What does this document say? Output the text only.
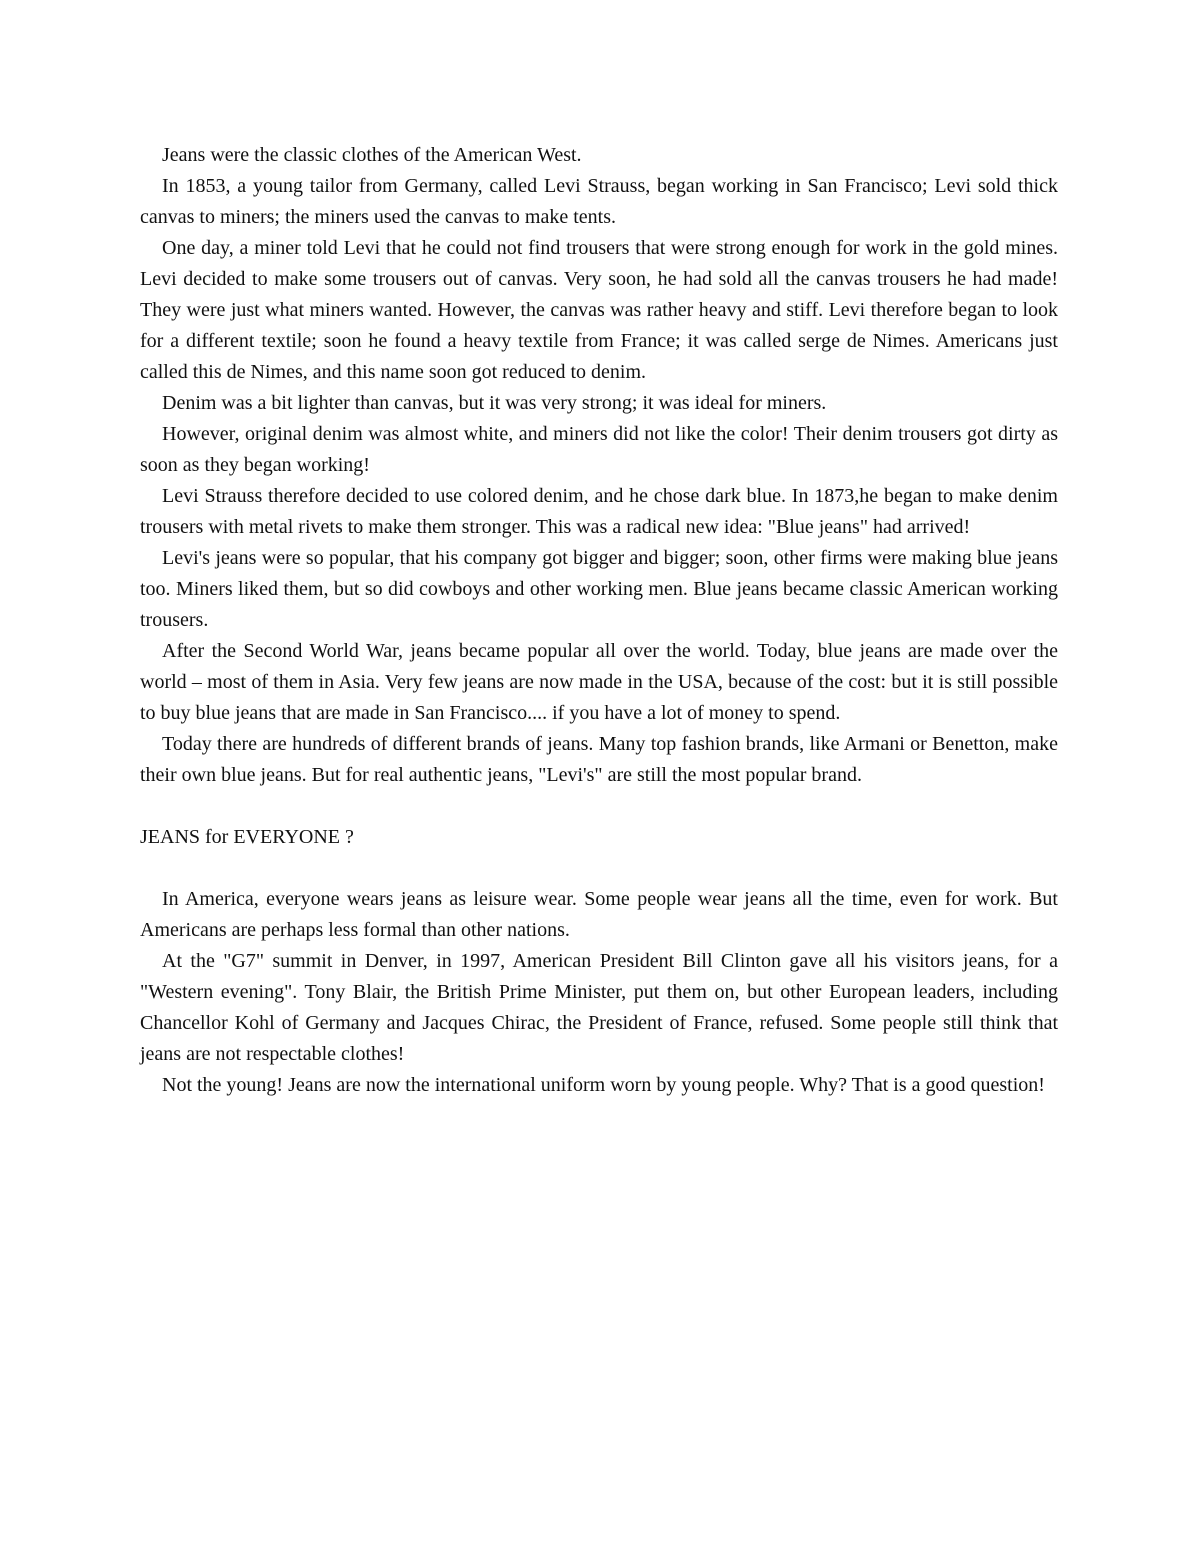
Jeans were the classic clothes of the American West.

In 1853, a young tailor from Germany, called Levi Strauss, began working in San Francisco; Levi sold thick canvas to miners; the miners used the canvas to make tents.

One day, a miner told Levi that he could not find trousers that were strong enough for work in the gold mines. Levi decided to make some trousers out of canvas. Very soon, he had sold all the canvas trousers he had made! They were just what miners wanted. However, the canvas was rather heavy and stiff. Levi therefore began to look for a different textile; soon he found a heavy textile from France; it was called serge de Nimes. Americans just called this de Nimes, and this name soon got reduced to denim.

Denim was a bit lighter than canvas, but it was very strong; it was ideal for miners.

However, original denim was almost white, and miners did not like the color! Their denim trousers got dirty as soon as they began working!

Levi Strauss therefore decided to use colored denim, and he chose dark blue. In 1873,he began to make denim trousers with metal rivets to make them stronger. This was a radical new idea: "Blue jeans" had arrived!

Levi's jeans were so popular, that his company got bigger and bigger; soon, other firms were making blue jeans too. Miners liked them, but so did cowboys and other working men. Blue jeans became classic American working trousers.

After the Second World War, jeans became popular all over the world. Today, blue jeans are made over the world – most of them in Asia. Very few jeans are now made in the USA, because of the cost: but it is still possible to buy blue jeans that are made in San Francisco.... if you have a lot of money to spend.

Today there are hundreds of different brands of jeans. Many top fashion brands, like Armani or Benetton, make their own blue jeans. But for real authentic jeans, "Levi's" are still the most popular brand.

JEANS for EVERYONE ?

In America, everyone wears jeans as leisure wear. Some people wear jeans all the time, even for work. But Americans are perhaps less formal than other nations.

At the "G7" summit in Denver, in 1997, American President Bill Clinton gave all his visitors jeans, for a "Western evening". Tony Blair, the British Prime Minister, put them on, but other European leaders, including Chancellor Kohl of Germany and Jacques Chirac, the President of France, refused. Some people still think that jeans are not respectable clothes!

Not the young! Jeans are now the international uniform worn by young people. Why? That is a good question!
